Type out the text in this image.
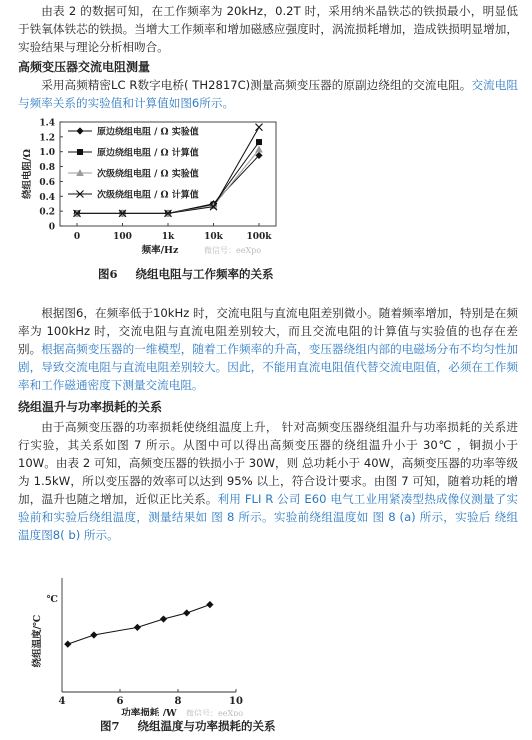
由表 2 的数据可知，在工作频率为 20kHz，0.2T 时，采用纳米晶铁芯的铁损最小，明显低于铁氧体铁芯的铁损。当增大工作频率和增加磁感应强度时，涡流损耗增加，造成铁损明显增加，实验结果与理论分析相吻合。

高频变压器交流电阻测量

采用高频精密LC R数字电桥( TH2817C)测量高频变压器的原副边绕组的交流电阻。交流电阻与频率关系的实验值和计算值如图6所示。

0
0.2
0.4
0.6
0.8
1.0
1.2
1.4
0	100	1k	10k	100k
频率/Hz
绕组电阻/Ω
原边绕组电阻 / Ω 实验值
原边绕组电阻 / Ω 计算值
次级绕组电阻 / Ω 实验值
次级绕组电阻 / Ω 计算值
微信号：eeXpo
图6 绕组电阻与工作频率的关系

根据图6，在频率低于10kHz 时，交流电阻与直流电阻差别微小。随着频率增加，特别是在频率为 100kHz 时，交流电阻与直流电阻差别较大，而且交流电阻的计算值与实验值的也存在差别。根据高频变压器的一维模型，随着工作频率的升高，变压器绕组内部的电磁场分布不均匀性加剧，导致交流电阻与直流电阻差别较大。因此，不能用直流电阻值代替交流电阻值，必须在工作频率和工作磁通密度下测量交流电阻。

绕组温升与功率损耗的关系

由于高频变压器的功率损耗使绕组温度上升， 针对高频变压器绕组温升与功率损耗的关系进行实验，其关系如图 7 所示。从图中可以得出高频变压器的绕组温升小于 30℃ ，铜损小于 10W。由表 2 可知，高频变压器的铁损小于 30W，则 总功耗小于 40W，高频变压器的功率等级为 1.5kW，所以变压器的效率可以达到 95% 以上，符合设计要求。由图 7 可知，随着功耗的增加，温升也随之增加，近似正比关系。利用 FLI R 公司 E60 电气工业用紧凑型热成像仪测量了实验前和实验后绕组温度，测量结果如 图 8 所示。实验前绕组温度如 图 8 (a) 所示，实验后 绕组温度图8( b) 所示。

4	6	8	10
℃
功率损耗 /W
绕组温度/℃
微信号：eeXpo
图7 绕组温度与功率损耗的关系
